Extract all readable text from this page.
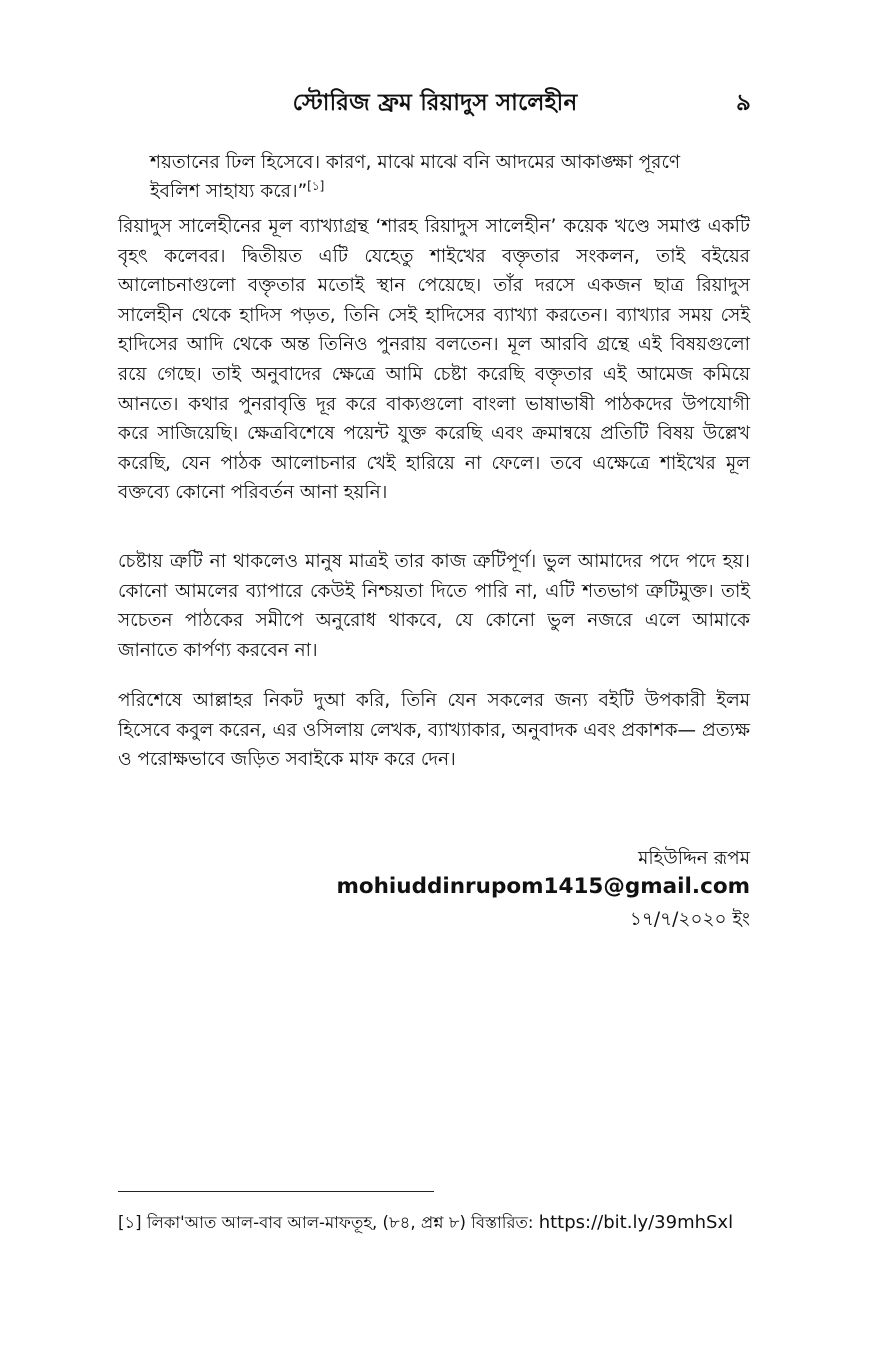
স্টোরিজ ফ্রম রিয়াদুস সালেহীন	৯

শয়তানের ঢিল হিসেবে। কারণ, মাঝে মাঝে বনি আদমের আকাঙ্ক্ষা পূরণে ইবলিশ সাহায্য করে।”[১]

রিয়াদুস সালেহীনের মূল ব্যাখ্যাগ্রন্থ ‘শারহ রিয়াদুস সালেহীন’ কয়েক খণ্ডে সমাপ্ত একটি বৃহৎ কলেবর। দ্বিতীয়ত এটি যেহেতু শাইখের বক্তৃতার সংকলন, তাই বইয়ের আলোচনাগুলো বক্তৃতার মতোই স্থান পেয়েছে। তাঁর দরসে একজন ছাত্র রিয়াদুস সালেহীন থেকে হাদিস পড়ত, তিনি সেই হাদিসের ব্যাখ্যা করতেন। ব্যাখ্যার সময় সেই হাদিসের আদি থেকে অন্ত তিনিও পুনরায় বলতেন। মূল আরবি গ্রন্থে এই বিষয়গুলো রয়ে গেছে। তাই অনুবাদের ক্ষেত্রে আমি চেষ্টা করেছি বক্তৃতার এই আমেজ কমিয়ে আনতে। কথার পুনরাবৃত্তি দূর করে বাক্যগুলো বাংলা ভাষাভাষী পাঠকদের উপযোগী করে সাজিয়েছি। ক্ষেত্রবিশেষে পয়েন্ট যুক্ত করেছি এবং ক্রমান্বয়ে প্রতিটি বিষয় উল্লেখ করেছি, যেন পাঠক আলোচনার খেই হারিয়ে না ফেলে। তবে এক্ষেত্রে শাইখের মূল বক্তব্যে কোনো পরিবর্তন আনা হয়নি।

চেষ্টায় ত্রুটি না থাকলেও মানুষ মাত্রই তার কাজ ত্রুটিপূর্ণ। ভুল আমাদের পদে পদে হয়। কোনো আমলের ব্যাপারে কেউই নিশ্চয়তা দিতে পারি না, এটি শতভাগ ত্রুটিমুক্ত। তাই সচেতন পাঠকের সমীপে অনুরোধ থাকবে, যে কোনো ভুল নজরে এলে আমাকে জানাতে কার্পণ্য করবেন না।

পরিশেষে আল্লাহর নিকট দুআ করি, তিনি যেন সকলের জন্য বইটি উপকারী ইলম হিসেবে কবুল করেন, এর ওসিলায় লেখক, ব্যাখ্যাকার, অনুবাদক এবং প্রকাশক— প্রত্যক্ষ ও পরোক্ষভাবে জড়িত সবাইকে মাফ করে দেন।

মহিউদ্দিন রূপম

mohiuddinrupom1415@gmail.com

১৭/৭/২০২০ ইং

[১] লিকা'আত আল-বাব আল-মাফতূহ, (৮৪, প্রশ্ন ৮) বিস্তারিত: https://bit.ly/39mhSxl
